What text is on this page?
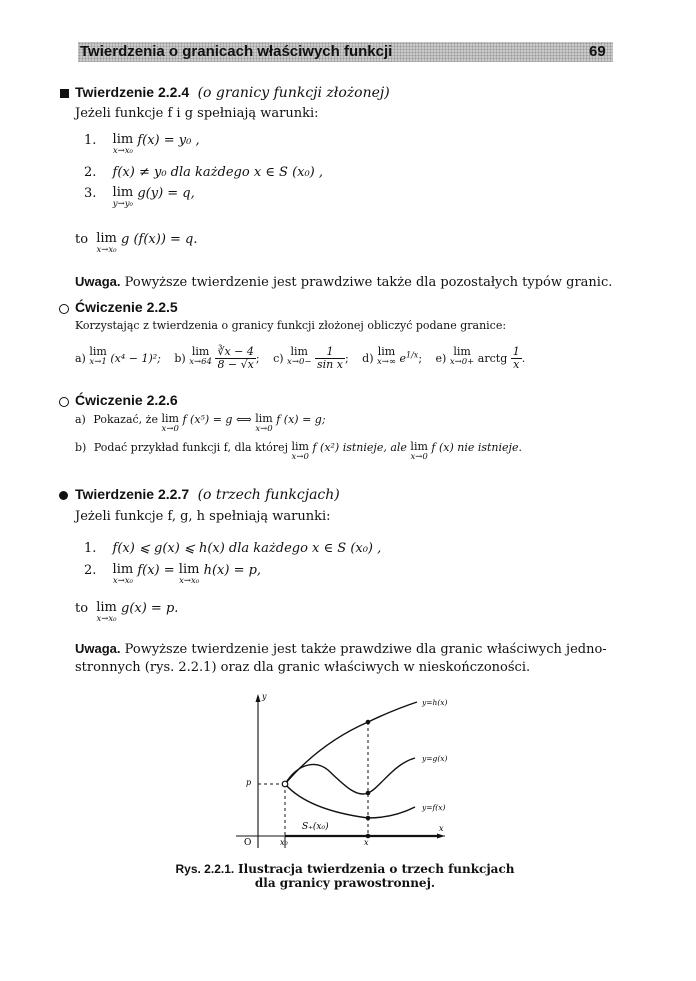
Twierdzenia o granicach właściwych funkcji	69
Twierdzenie 2.2.4 (o granicy funkcji złożonej)
Jeżeli funkcje f i g spełniają warunki:
1. lim
x→x₀
f(x) = y₀ ,
2. f(x) ≠ y₀ dla każdego x ∈ S (x₀) ,
3. lim
y→y₀
g(y) = q,
to lim
x→x₀
g (f(x)) = q.
Uwaga. Powyższe twierdzenie jest prawdziwe także dla pozostałych typów granic.
Ćwiczenie 2.2.5
Korzystając z twierdzenia o granicy funkcji złożonej obliczyć podane granice:
a) lim
x→1 (x⁴ − 1)²; b) lim
x→64
$\frac{∛x - 4}{8 - √x}$ ; c) lim
x→0−
$\frac{1}{\text{sin x}}$ ; d) lim
x→∞ $e^{1/x}$; e) lim
x→0+ arctg $\frac{1}{x}$ .
Ćwiczenie 2.2.6
a) Pokazać, że lim
x→0
f (x⁵) = g ⟺ lim
x→0
f (x) = g;
b) Podać przykład funkcji f, dla której lim
x→0
f (x²) istnieje, ale lim
x→0
f (x) nie istnieje.
Twierdzenie 2.2.7 (o trzech funkcjach)
Jeżeli funkcje f, g, h spełniają warunki:
1. f(x) ⩽ g(x) ⩽ h(x) dla każdego x ∈ S (x₀) ,
2. lim
x→x₀
f(x) = lim
x→x₀
h(x) = p,
to lim
x→x₀
g(x) = p.
Uwaga. Powyższe twierdzenie jest także prawdziwe dla granic właściwych jedno-
stronnych (rys. 2.2.1) oraz dla granic właściwych w nieskończoności.
y
x
O	x₀	x
p
S₊(x₀)
y=h(x)
y=g(x)
y=f(x)
Rys. 2.2.1. Ilustracja twierdzenia o trzech funkcjach
dla granicy prawostronnej.
